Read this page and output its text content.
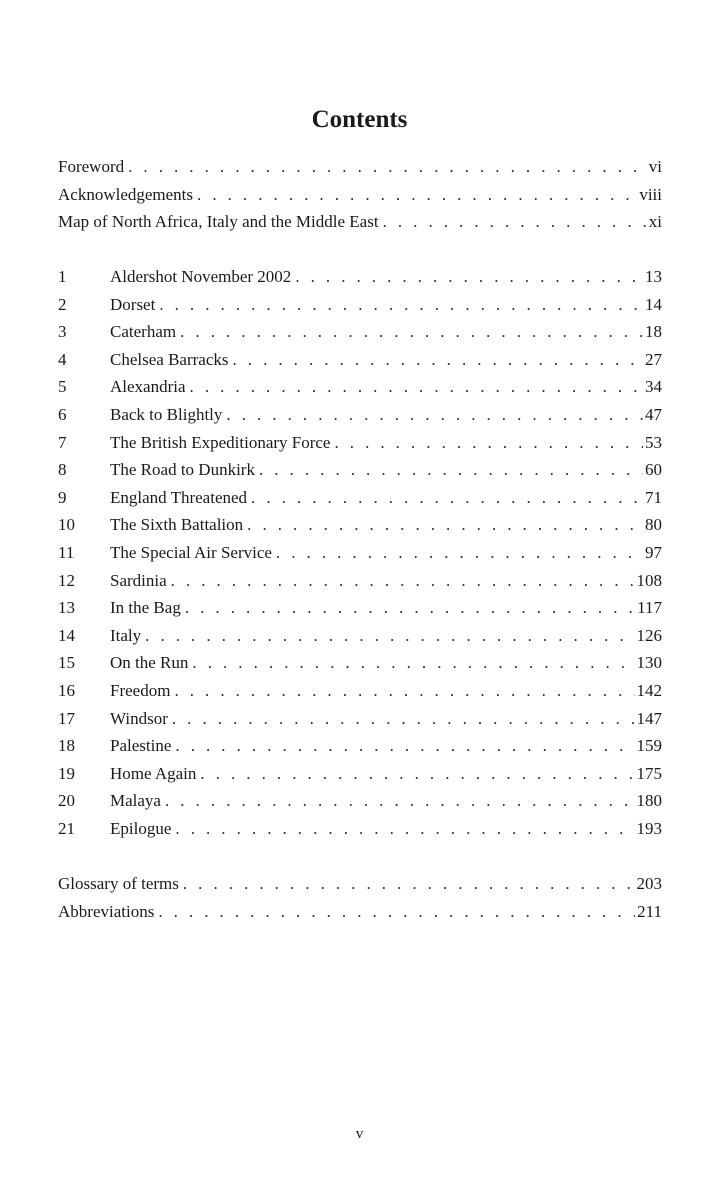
Contents
Foreword . . .	vi
Acknowledgements . . .	viii
Map of North Africa, Italy and the Middle East . . .	xi
1	Aldershot November 2002 . . .	13
2	Dorset . . .	14
3	Caterham . . .	18
4	Chelsea Barracks . . .	27
5	Alexandria . . .	34
6	Back to Blightly . . .	47
7	The British Expeditionary Force . . .	53
8	The Road to Dunkirk . . .	60
9	England Threatened . . .	71
10	The Sixth Battalion . . .	80
11	The Special Air Service . . .	97
12	Sardinia . . .	108
13	In the Bag . . .	117
14	Italy . . .	126
15	On the Run . . .	130
16	Freedom . . .	142
17	Windsor . . .	147
18	Palestine . . .	159
19	Home Again . . .	175
20	Malaya . . .	180
21	Epilogue . . .	193
Glossary of terms . . .	203
Abbreviations . . .	211
v
